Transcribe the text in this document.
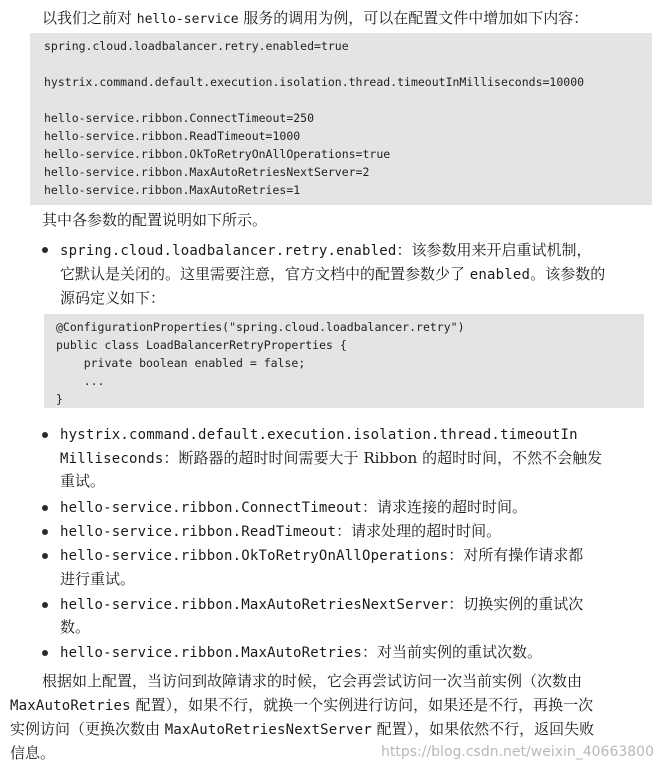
以我们之前对 hello-service 服务的调用为例，可以在配置文件中增加如下内容：
spring.cloud.loadbalancer.retry.enabled=true
hystrix.command.default.execution.isolation.thread.timeoutInMilliseconds=10000
hello-service.ribbon.ConnectTimeout=250
hello-service.ribbon.ReadTimeout=1000
hello-service.ribbon.OkToRetryOnAllOperations=true
hello-service.ribbon.MaxAutoRetriesNextServer=2
hello-service.ribbon.MaxAutoRetries=1
其中各参数的配置说明如下所示。
spring.cloud.loadbalancer.retry.enabled：该参数用来开启重试机制，
它默认是关闭的。这里需要注意，官方文档中的配置参数少了 enabled。该参数的
源码定义如下：
@ConfigurationProperties("spring.cloud.loadbalancer.retry")
public class LoadBalancerRetryProperties {
private boolean enabled = false;
...
}
hystrix.command.default.execution.isolation.thread.timeoutIn
Milliseconds：断路器的超时时间需要大于 Ribbon 的超时时间，不然不会触发
重试。
hello-service.ribbon.ConnectTimeout：请求连接的超时时间。
hello-service.ribbon.ReadTimeout：请求处理的超时时间。
hello-service.ribbon.OkToRetryOnAllOperations：对所有操作请求都
进行重试。
hello-service.ribbon.MaxAutoRetriesNextServer：切换实例的重试次
数。
hello-service.ribbon.MaxAutoRetries：对当前实例的重试次数。
根据如上配置，当访问到故障请求的时候，它会再尝试访问一次当前实例（次数由
MaxAutoRetries 配置），如果不行，就换一个实例进行访问，如果还是不行，再换一次
实例访问（更换次数由 MaxAutoRetriesNextServer 配置），如果依然不行，返回失败
信息。	https://blog.csdn.net/weixin_40663800
